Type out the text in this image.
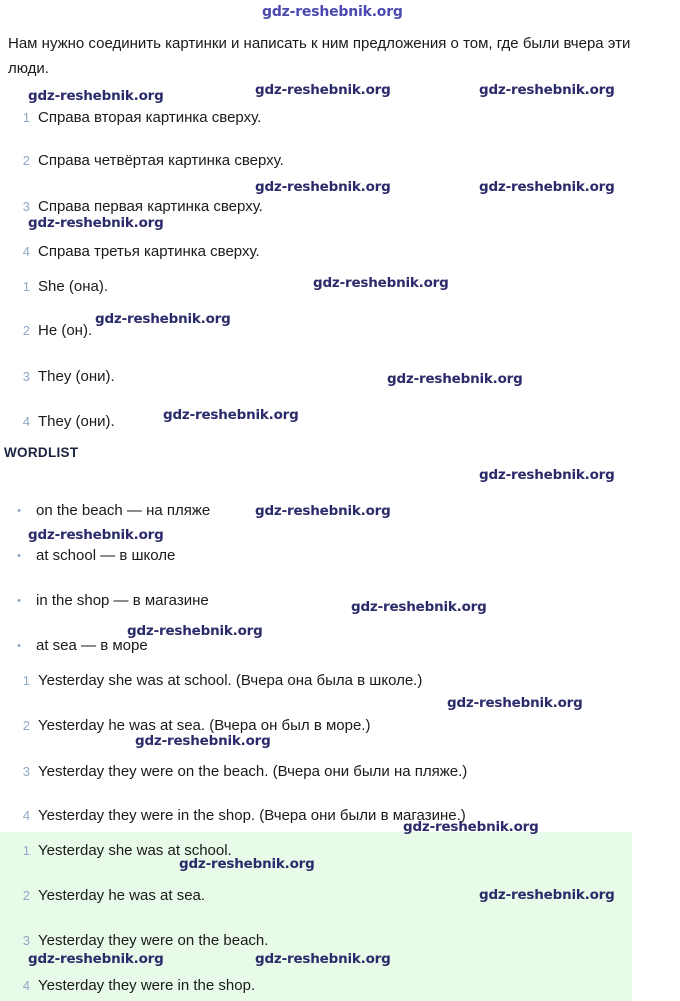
Нам нужно соединить картинки и написать к ним предложения о том, где были вчера эти люди.
1 Справа вторая картинка сверху.
2 Справа четвёртая картинка сверху.
3 Справа первая картинка сверху.
4 Справа третья картинка сверху.
1 She (она).
2 He (он).
3 They (они).
4 They (они).
WORDLIST
• on the beach — на пляже
• at school — в школе
• in the shop — в магазине
• at sea — в море
1 Yesterday she was at school. (Вчера она была в школе.)
2 Yesterday he was at sea. (Вчера он был в море.)
3 Yesterday they were on the beach. (Вчера они были на пляже.)
4 Yesterday they were in the shop. (Вчера они были в магазине.)
1 Yesterday she was at school.
2 Yesterday he was at sea.
3 Yesterday they were on the beach.
4 Yesterday they were in the shop.
gdz-reshebnik.org
gdz-reshebnik.org	gdz-reshebnik.org	gdz-reshebnik.org
gdz-reshebnik.org	gdz-reshebnik.org
gdz-reshebnik.org
gdz-reshebnik.org
gdz-reshebnik.org
gdz-reshebnik.org
gdz-reshebnik.org
gdz-reshebnik.org
gdz-reshebnik.org
gdz-reshebnik.org
gdz-reshebnik.org
gdz-reshebnik.org
gdz-reshebnik.org
gdz-reshebnik.org
gdz-reshebnik.org
gdz-reshebnik.org
gdz-reshebnik.org
gdz-reshebnik.org	gdz-reshebnik.org
